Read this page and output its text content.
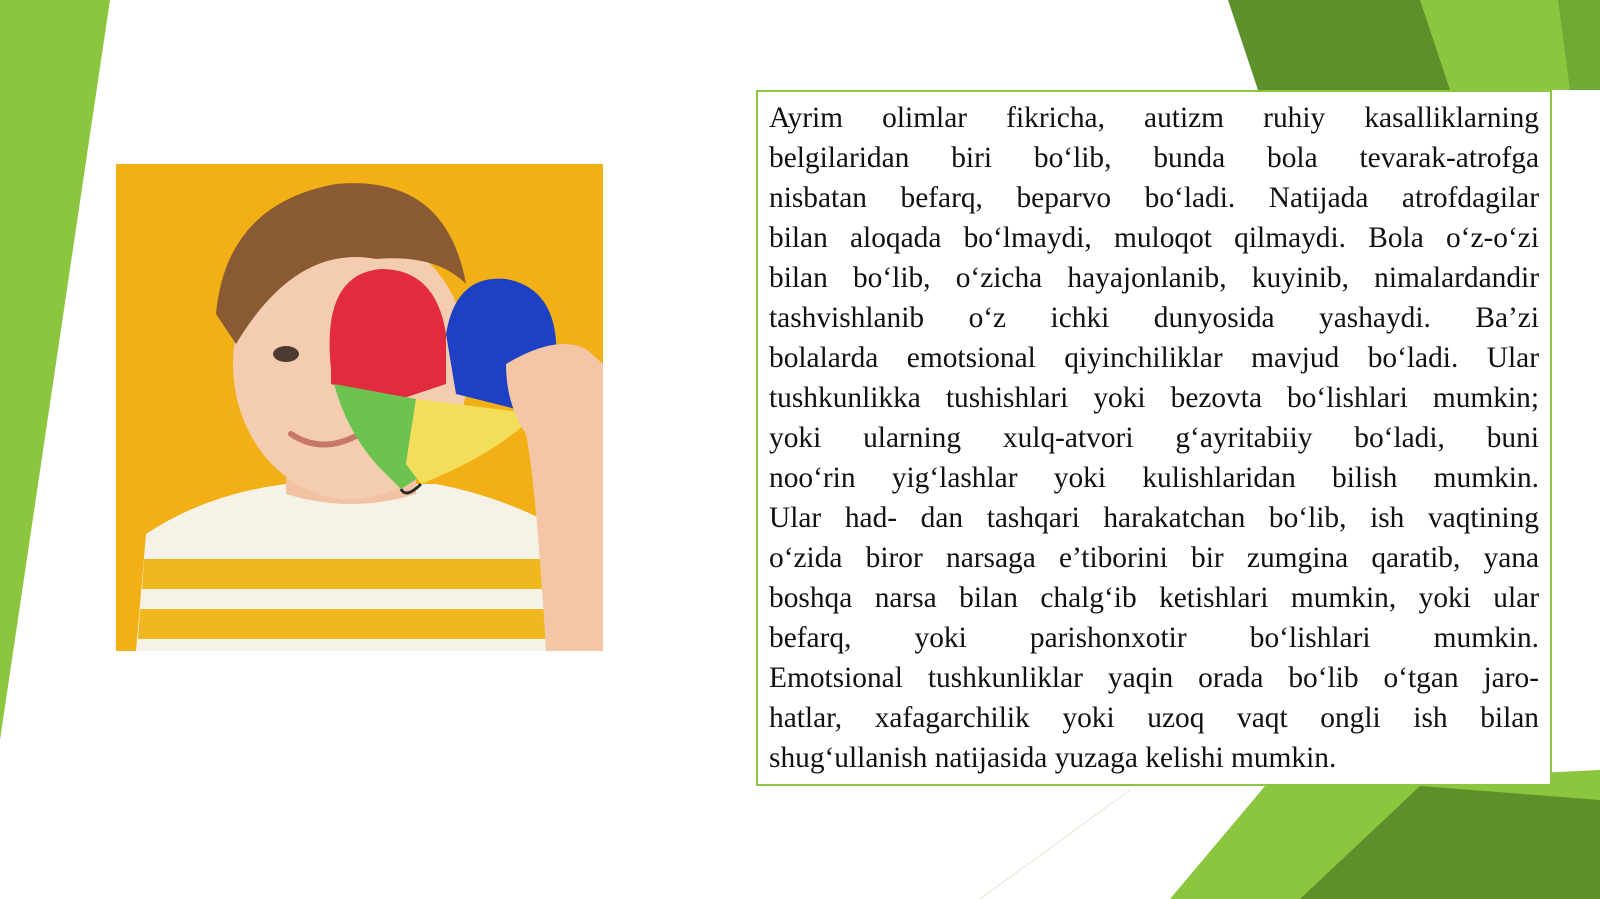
Ayrim olimlar fikricha, autizm ruhiy kasalliklarning
belgilaridan biri bo‘lib, bunda bola tevarak-atrofga
nisbatan befarq, beparvo bo‘ladi. Natijada atrofdagilar
bilan aloqada bo‘lmaydi, muloqot qilmaydi. Bola o‘z-o‘zi
bilan bo‘lib, o‘zicha hayajonlanib, kuyinib, nimalardandir
tashvishlanib o‘z ichki dunyosida yashaydi. Ba’zi
bolalarda emotsional qiyinchiliklar mavjud bo‘ladi. Ular
tushkunlikka tushishlari yoki bezovta bo‘lishlari mumkin;
yoki ularning xulq-atvori g‘ayritabiiy bo‘ladi, buni
noo‘rin yig‘lashlar yoki kulishlaridan bilish mumkin.
Ular had- dan tashqari harakatchan bo‘lib, ish vaqtining
o‘zida biror narsaga e’tiborini bir zumgina qaratib, yana
boshqa narsa bilan chalg‘ib ketishlari mumkin, yoki ular
befarq, yoki parishonxotir bo‘lishlari mumkin.
Emotsional tushkunliklar yaqin orada bo‘lib o‘tgan jaro-
hatlar, xafagarchilik yoki uzoq vaqt ongli ish bilan
shug‘ullanish natijasida yuzaga kelishi mumkin.
